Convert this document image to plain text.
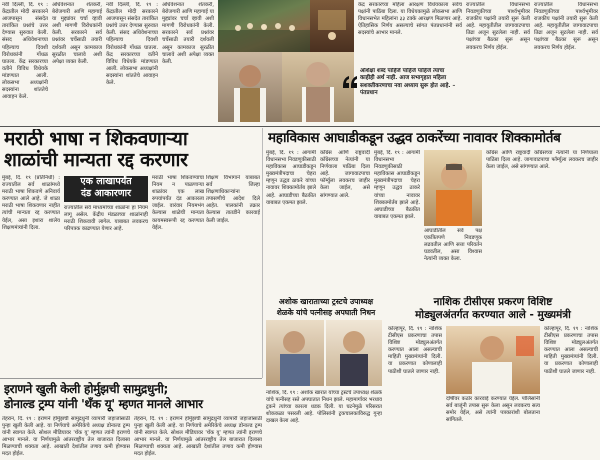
नवी दिल्ली, दि. १९ : केंद्रातील मोदी सरकारने आजपासून संसदेत तारांकित प्रश्नांचे उत्तर देण्यास सुरुवात केली. संसद अधिवेशनाच्या पहिल्याच दिवशी विरोधकांनी गोंधळ घातला. केंद्र सरकारच्या वतीने विविध विधेयके मांडण्यात आली. लोकसभा अध्यक्षांनी सदस्यांना शांततेचे आवाहन केले.
अधिवेशनात शेतकरी, बेरोजगारी आणि महागाई या मुद्द्यांवर चर्चा व्हावी अशी मागणी विरोधकांनी केली. सरकारने सर्व प्रश्नांवर चर्चेसाठी तयारी दर्शवली असून कामकाज सुरळीत चालावे अशी अपेक्षा व्यक्त केली.
नवी दिल्ली, दि. १९ : केंद्रातील मोदी सरकारने आजपासून संसदेत तारांकित प्रश्नांचे उत्तर देण्यास सुरुवात केली. संसद अधिवेशनाच्या पहिल्याच दिवशी विरोधकांनी गोंधळ घातला. केंद्र सरकारच्या वतीने विविध विधेयके मांडण्यात आली. लोकसभा अध्यक्षांनी सदस्यांना शांततेचे आवाहन केले.
अधिवेशनात शेतकरी, बेरोजगारी आणि महागाई या मुद्द्यांवर चर्चा व्हावी अशी मागणी विरोधकांनी केली. सरकारने सर्व प्रश्नांवर चर्चेसाठी तयारी दर्शवली असून कामकाज सुरळीत चालावे अशी अपेक्षा व्यक्त केली.
केंद्र सरकारच्या महिला आरक्षण विधेयकाला सर्वच पक्षांनी पाठिंबा दिला. या विधेयकामुळे लोकसभा आणि विधानसभेत महिलांना ३३ टक्के आरक्षण मिळणार आहे. ऐतिहासिक निर्णय असल्याचे सांगत पंतप्रधानांनी सर्व सदस्यांचे आभार मानले.
अशिक्षा शब्द पाहिजे पाहिजे पाहिजे त्याचा काहीही अर्थ नाही. आज सभागृहात महिला सशक्तीकरणाचा नवा अध्याय सुरू होत आहे. – पंतप्रधान
राज्यातील विधानसभा निवडणुकीच्या पार्श्वभूमीवर राजकीय पक्षांनी तयारी सुरू केली आहे. महायुतीतील जागावाटपाचा तिढा अजून सुटलेला नाही. सर्व पक्षांच्या बैठका सुरू असून लवकरच निर्णय होईल.
राज्यातील विधानसभा निवडणुकीच्या पार्श्वभूमीवर राजकीय पक्षांनी तयारी सुरू केली आहे. महायुतीतील जागावाटपाचा तिढा अजून सुटलेला नाही. सर्व पक्षांच्या बैठका सुरू असून लवकरच निर्णय होईल.
मराठी भाषा न शिकवणाऱ्या
शाळांची मान्यता रद्द करणार
मुंबई, दि. १९ (प्रतिनिधी) : राज्यातील सर्व शाळांमध्ये मराठी भाषा शिकवणे अनिवार्य करण्यात आले आहे. जे शाळा मराठी भाषा शिकवणार नाहीत त्यांची मान्यता रद्द करण्यात येईल, असा इशारा शालेय शिक्षणमंत्र्यांनी दिला.
एक लाखापर्यंत
दंड आकारणार
राज्यातील सर्व माध्यमांच्या शाळांना हा नियम लागू असेल. केंद्रीय मंडळाच्या शाळांनाही मराठी शिकवावी लागेल. याबाबत लवकरच परिपत्रक काढण्यात येणार आहे.
मराठी भाषा शिकवण्याचा नियम न पाळणाऱ्या शाळांवर एक लाख रुपयांपर्यंत दंड आकारला जाईल. वारंवार नियमभंग केल्यास शाळेची मान्यता कायमस्वरूपी रद्द करण्यात येईल.
शिक्षण विभागाने याबाबत सर्व जिल्हा शिक्षणाधिकाऱ्यांना तपासणीचे आदेश दिले आहेत. पालकांनी तक्रार केल्यास तातडीने कारवाई केली जाईल.
महाविकास आघाडीकडून उद्धव ठाकरेंच्या नावावर शिक्कामोर्तब
मुंबई, दि. १९ : आगामी विधानसभा निवडणुकीसाठी महाविकास आघाडीकडून मुख्यमंत्रीपदाचा चेहरा म्हणून उद्धव ठाकरे यांच्या नावावर शिक्कामोर्तब झाले आहे. आघाडीच्या बैठकीत याबाबत एकमत झाले.
काँग्रेस आणि राष्ट्रवादी काँग्रेसच्या नेत्यांनी या निर्णयाला पाठिंबा दिला आहे. जागावाटपाचा फॉर्म्युला लवकरच जाहीर केला जाईल, असे सांगण्यात आले.
मुंबई, दि. १९ : आगामी विधानसभा निवडणुकीसाठी महाविकास आघाडीकडून मुख्यमंत्रीपदाचा चेहरा म्हणून उद्धव ठाकरे यांच्या नावावर शिक्कामोर्तब झाले आहे. आघाडीच्या बैठकीत याबाबत एकमत झाले.
आघाडीतील सर्व पक्ष एकत्रितपणे निवडणूक लढवतील आणि सत्ता परिवर्तन घडवतील, असा विश्वास नेत्यांनी व्यक्त केला.
काँग्रेस आणि राष्ट्रवादी काँग्रेसच्या नेत्यांनी या निर्णयाला पाठिंबा दिला आहे. जागावाटपाचा फॉर्म्युला लवकरच जाहीर केला जाईल, असे सांगण्यात आले.
अशोक खाराताच्या ट्रस्टचे उपाध्यक्ष
शेळके यांचे पत्नीसह अपघाती निधन
नाशिक, दि. १९ : अशोक खारात यांच्या ट्रस्टचे उपाध्यक्ष शेळके यांचे पत्नीसह रस्ते अपघातात निधन झाले. महामार्गावर भरधाव ट्रकने त्यांच्या कारला धडक दिली. या घटनेमुळे परिसरात शोककळा पसरली आहे. पोलिसांनी ट्रकचालकाविरुद्ध गुन्हा दाखल केला आहे.
नाशिक टीसीएस प्रकरण विशिष्ट
मोड्युलअंतर्गत करण्यात आले - मुख्यमंत्री
कोल्हापूर, दि. १९ : नाशिक टीसीएस प्रकरणाचा तपास विशिष्ट मोड्युलअंतर्गत करण्यात आला असल्याची माहिती मुख्यमंत्र्यांनी दिली. या प्रकरणात कोणालाही पाठीशी घातले जाणार नाही.
दोषींवर कठोर कारवाई करण्यात येईल. पोलिसांनी सर्व बाजूंनी तपास सुरू केला असून लवकरच सत्य समोर येईल, असे त्यांनी पत्रकारांशी बोलताना सांगितले.
कोल्हापूर, दि. १९ : नाशिक टीसीएस प्रकरणाचा तपास विशिष्ट मोड्युलअंतर्गत करण्यात आला असल्याची माहिती मुख्यमंत्र्यांनी दिली. या प्रकरणात कोणालाही पाठीशी घातले जाणार नाही.
इराणने खुली केली होर्मुझची सामुद्रधुनी;
डोनाल्ड ट्रम्प यांनी 'थँक यू' म्हणत मानले आभार
तेहरान, दि. १९ : इराणने होर्मुझची सामुद्रधुनी व्यापारी जहाजांसाठी पुन्हा खुली केली आहे. या निर्णयाचे अमेरिकेचे अध्यक्ष डोनाल्ड ट्रम्प यांनी स्वागत केले. सोशल मीडियावर 'थँक यू' म्हणत त्यांनी इराणचे आभार मानले. या निर्णयामुळे आंतरराष्ट्रीय तेल बाजारात दिलासा मिळण्याची शक्यता आहे. आखाती देशांतील तणाव कमी होण्यास मदत होईल.
तेहरान, दि. १९ : इराणने होर्मुझची सामुद्रधुनी व्यापारी जहाजांसाठी पुन्हा खुली केली आहे. या निर्णयाचे अमेरिकेचे अध्यक्ष डोनाल्ड ट्रम्प यांनी स्वागत केले. सोशल मीडियावर 'थँक यू' म्हणत त्यांनी इराणचे आभार मानले. या निर्णयामुळे आंतरराष्ट्रीय तेल बाजारात दिलासा मिळण्याची शक्यता आहे. आखाती देशांतील तणाव कमी होण्यास मदत होईल.
